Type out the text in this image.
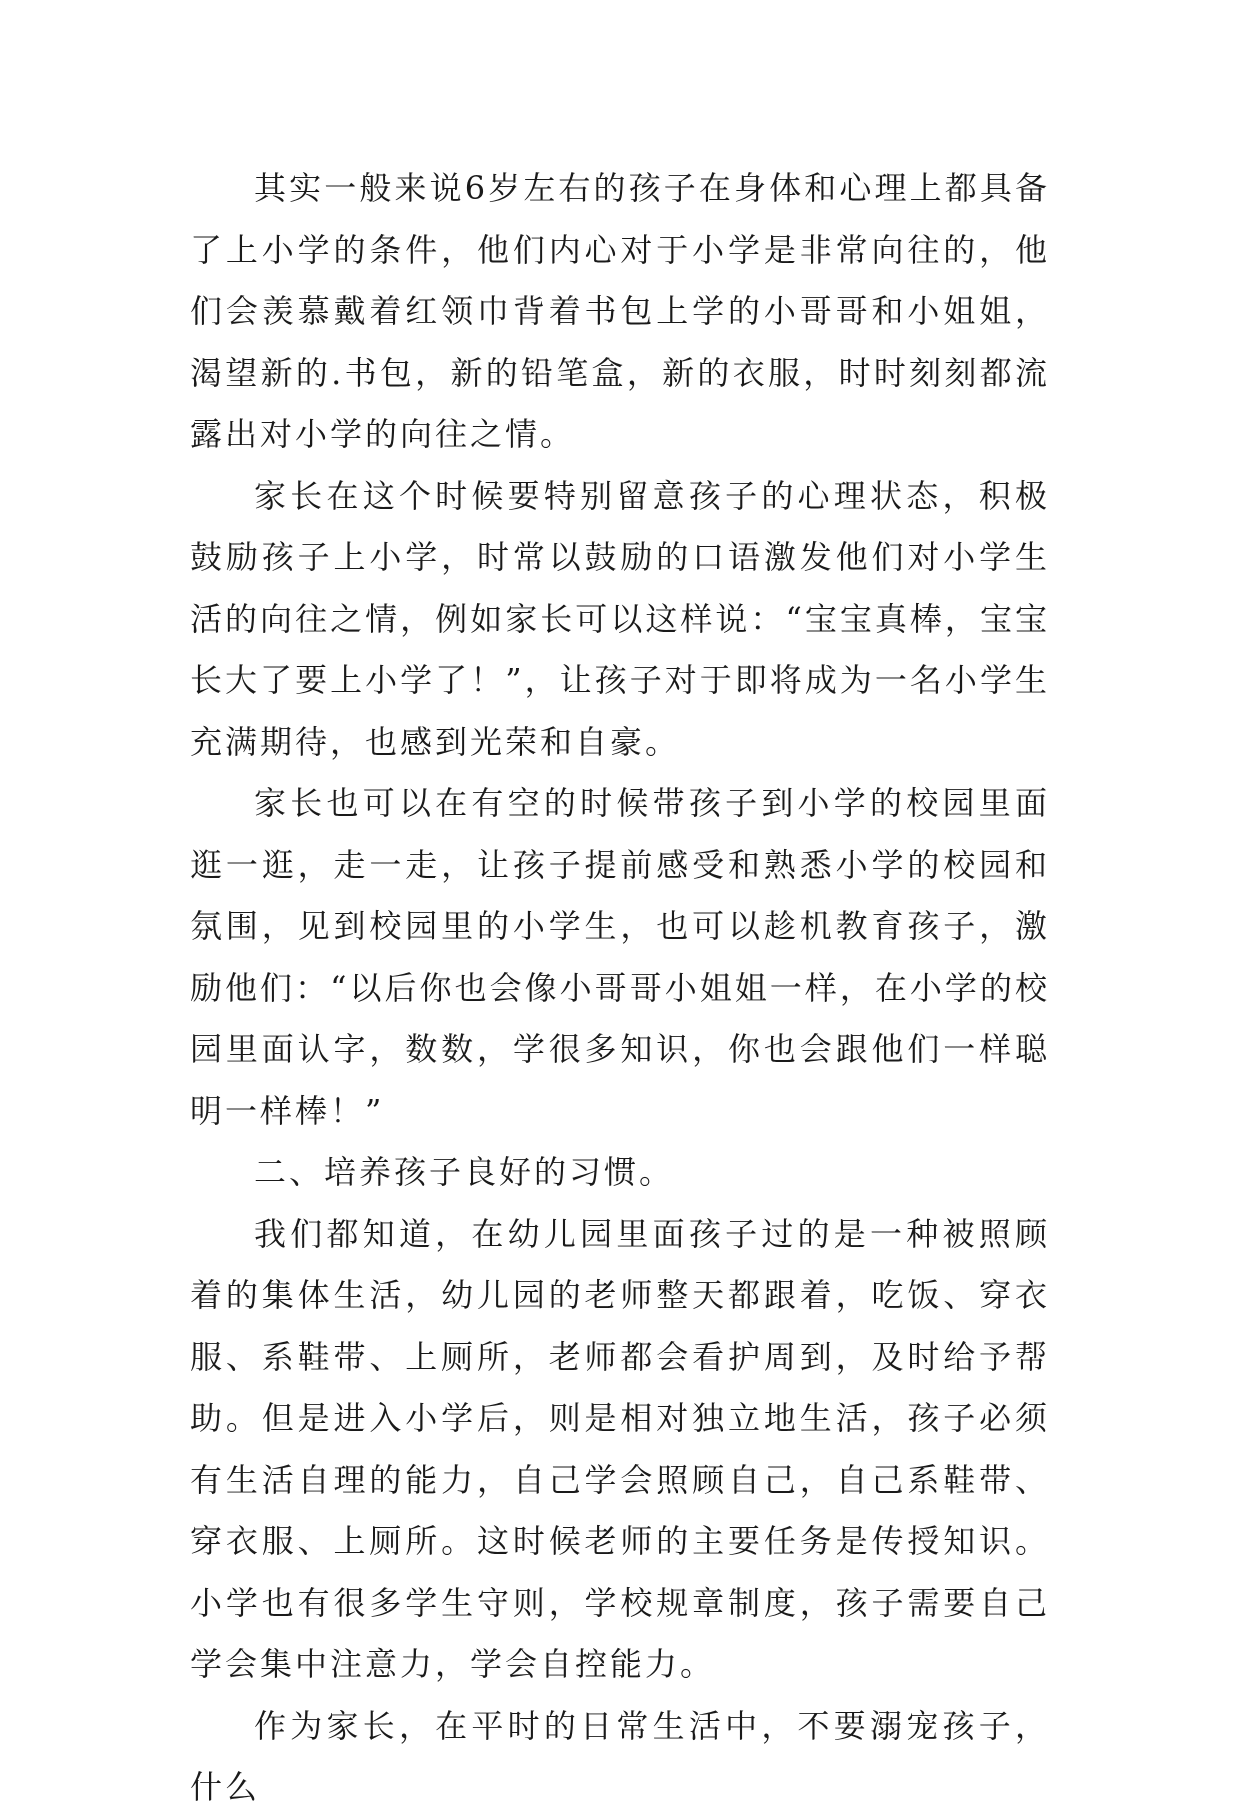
其实一般来说6岁左右的孩子在身体和心理上都具备了上小学的条件，他们内心对于小学是非常向往的，他们会羡慕戴着红领巾背着书包上学的小哥哥和小姐姐，渴望新的.书包，新的铅笔盒，新的衣服，时时刻刻都流露出对小学的向往之情。

家长在这个时候要特别留意孩子的心理状态，积极鼓励孩子上小学，时常以鼓励的口语激发他们对小学生活的向往之情，例如家长可以这样说：“宝宝真棒，宝宝长大了要上小学了！”，让孩子对于即将成为一名小学生充满期待，也感到光荣和自豪。

家长也可以在有空的时候带孩子到小学的校园里面逛一逛，走一走，让孩子提前感受和熟悉小学的校园和氛围，见到校园里的小学生，也可以趁机教育孩子，激励他们：“以后你也会像小哥哥小姐姐一样，在小学的校园里面认字，数数，学很多知识，你也会跟他们一样聪明一样棒！”

二、培养孩子良好的习惯。

我们都知道，在幼儿园里面孩子过的是一种被照顾着的集体生活，幼儿园的老师整天都跟着，吃饭、穿衣服、系鞋带、上厕所，老师都会看护周到，及时给予帮助。但是进入小学后，则是相对独立地生活，孩子必须有生活自理的能力，自己学会照顾自己，自己系鞋带、穿衣服、上厕所。这时候老师的主要任务是传授知识。小学也有很多学生守则，学校规章制度，孩子需要自己学会集中注意力，学会自控能力。

作为家长，在平时的日常生活中，不要溺宠孩子，什么
